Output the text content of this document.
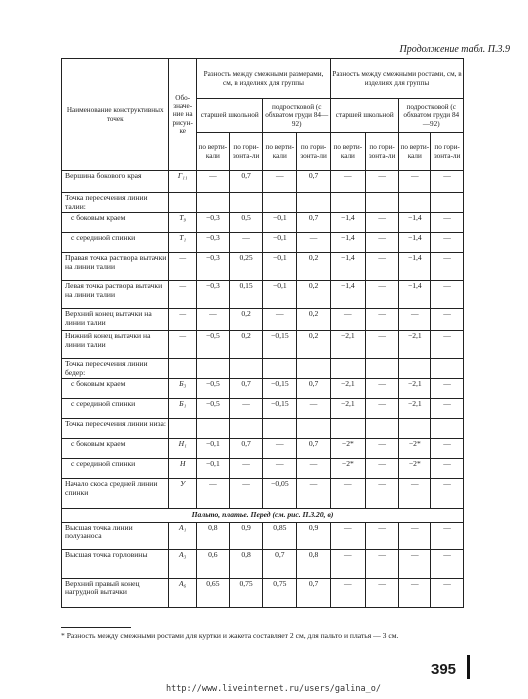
Продолжение табл. П.3.9
Наименование конструктивных точек	Обо-значе-ние на рисун-ке	Разность между смежными размерами, см, в изделиях для группы				Разность между смежными ростами, см, в изделиях для группы			
		старшей школьной		подростковой (с обхватом груди 84—92)		старшей школьной		подростковой (с обхватом груди 84—92)	
		по верти-кали	по гори-зонта-ли	по верти-кали	по гори-зонта-ли	по верти-кали	по гори-зонта-ли	по верти-кали	по гори-зонта-ли
Вершина бокового края	Г₁₁	—	0,7	—	0,7	—	—	—	—
Точка пересечения линии талии:									
с боковым краем	Т₉	−0,3	0,5	−0,1	0,7	−1,4	—	−1,4	—
с серединой спинки	Т₁	−0,3	—	−0,1	—	−1,4	—	−1,4	—
Правая точка раствора вытачки на линии талии	—	−0,3	0,25	−0,1	0,2	−1,4	—	−1,4	—
Левая точка раствора вытачки на линии талии	—	−0,3	0,15	−0,1	0,2	−1,4	—	−1,4	—
Верхний конец вытачки на линии талии	—	—	0,2	—	0,2	—	—	—	—
Нижний конец вытачки на линии талии	—	−0,5	0,2	−0,15	0,2	−2,1	—	−2,1	—
Точка пересечения линии бедер:									
с боковым краем	Б₃	−0,5	0,7	−0,15	0,7	−2,1	—	−2,1	—
с серединой спинки	Б₁	−0,5	—	−0,15	—	−2,1	—	−2,1	—
Точка пересечения линии низа:									
с боковым краем	Н₁	−0,1	0,7	—	0,7	−2*	—	−2*	—
с серединой спинки	Н	−0,1	—	—	—	−2*	—	−2*	—
Начало скоса средней линии спинки	У	—	—	−0,05	—	—	—	—	—
Пальто, платье. Перед (см. рис. П.3.20, в)									
Высшая точка линии полузаноса	А₁	0,8	0,9	0,85	0,9	—	—	—	—
Высшая точка горловины	А₃	0,6	0,8	0,7	0,8	—	—	—	—
Верхний правый конец нагрудной вытачки	А₆	0,65	0,75	0,75	0,7	—	—	—	—
* Разность между смежными ростами для куртки и жакета составляет 2 см, для пальто и платья — 3 см.
395
http://www.liveinternet.ru/users/galina_o/
